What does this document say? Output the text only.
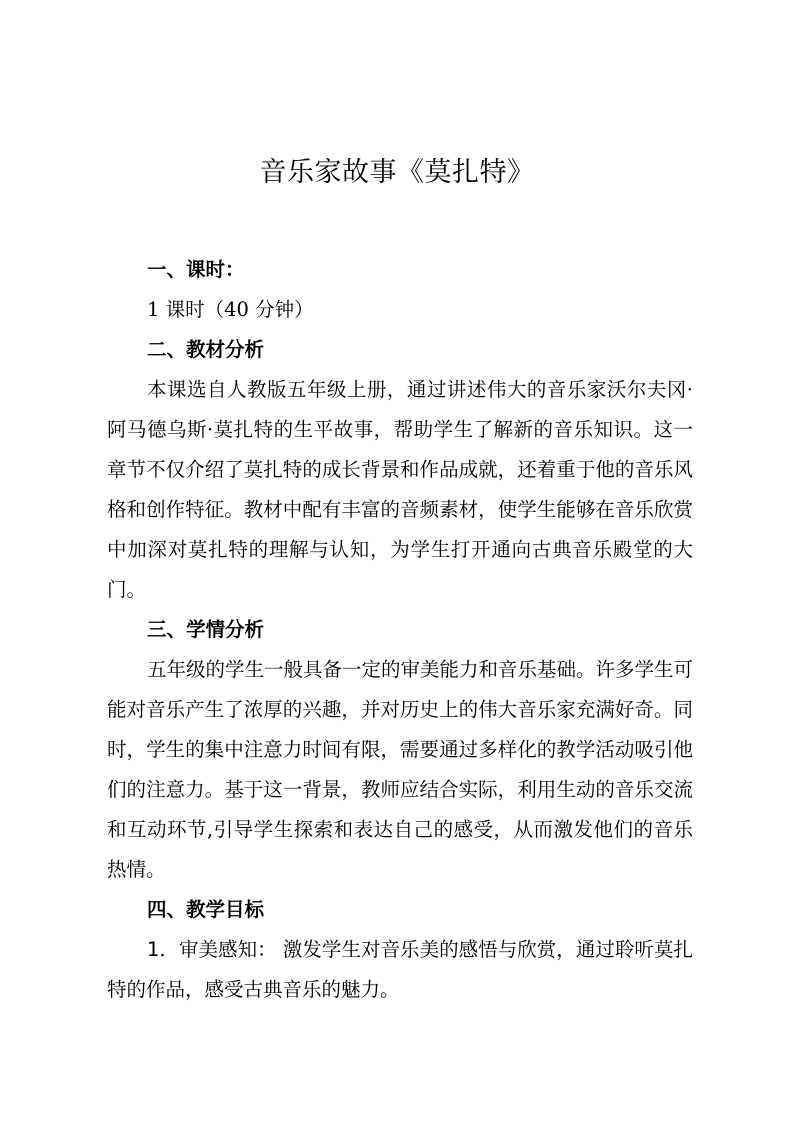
音乐家故事《莫扎特》

一、课时：

1 课时（40 分钟）

二、教材分析

本课选自人教版五年级上册，通过讲述伟大的音乐家沃尔夫冈·阿马德乌斯·莫扎特的生平故事，帮助学生了解新的音乐知识。这一章节不仅介绍了莫扎特的成长背景和作品成就，还着重于他的音乐风格和创作特征。教材中配有丰富的音频素材，使学生能够在音乐欣赏中加深对莫扎特的理解与认知，为学生打开通向古典音乐殿堂的大门。

三、学情分析

五年级的学生一般具备一定的审美能力和音乐基础。许多学生可能对音乐产生了浓厚的兴趣，并对历史上的伟大音乐家充满好奇。同时，学生的集中注意力时间有限，需要通过多样化的教学活动吸引他们的注意力。基于这一背景，教师应结合实际，利用生动的音乐交流和互动环节,引导学生探索和表达自己的感受，从而激发他们的音乐热情。

四、教学目标

1．审美感知： 激发学生对音乐美的感悟与欣赏，通过聆听莫扎特的作品，感受古典音乐的魅力。
